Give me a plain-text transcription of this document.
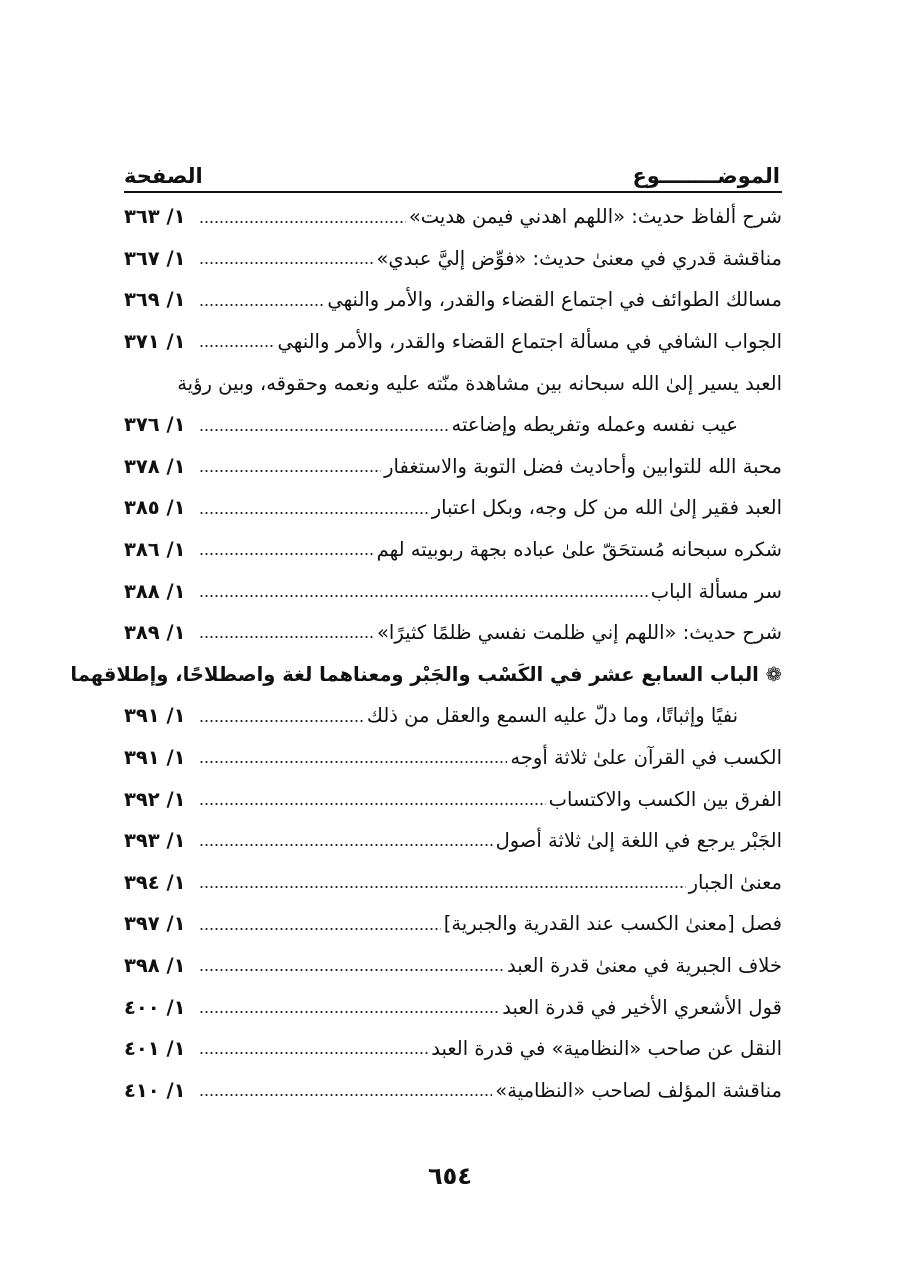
الموضــــــــوع
الصفحة
شرح ألفاظ حديث: «اللهم اهدني فيمن هديت»
١/ ٣٦٣
مناقشة قدري في معنىٰ حديث: «فوِّض إليَّ عبدي»
١/ ٣٦٧
مسالك الطوائف في اجتماع القضاء والقدر، والأمر والنهي
١/ ٣٦٩
الجواب الشافي في مسألة اجتماع القضاء والقدر، والأمر والنهي
١/ ٣٧١
العبد يسير إلىٰ الله سبحانه بين مشاهدة منّته عليه ونعمه وحقوقه، وبين رؤية
عيب نفسه وعمله وتفريطه وإضاعته
١/ ٣٧٦
محبة الله للتوابين وأحاديث فضل التوبة والاستغفار
١/ ٣٧٨
العبد فقير إلىٰ الله من كل وجه، وبكل اعتبار
١/ ٣٨٥
شكره سبحانه مُستحَقّ علىٰ عباده بجهة ربوبيته لهم
١/ ٣٨٦
سر مسألة الباب
١/ ٣٨٨
شرح حديث: «اللهم إني ظلمت نفسي ظلمًا كثيرًا»
١/ ٣٨٩
❁ الباب السابع عشر في الكَسْب والجَبْر ومعناهما لغة واصطلاحًا، وإطلاقهما
نفيًا وإثباتًا، وما دلّ عليه السمع والعقل من ذلك
١/ ٣٩١
الكسب في القرآن علىٰ ثلاثة أوجه
١/ ٣٩١
الفرق بين الكسب والاكتساب
١/ ٣٩٢
الجَبْر يرجع في اللغة إلىٰ ثلاثة أصول
١/ ٣٩٣
معنىٰ الجبار
١/ ٣٩٤
فصل [معنىٰ الكسب عند القدرية والجبرية]
١/ ٣٩٧
خلاف الجبرية في معنىٰ قدرة العبد
١/ ٣٩٨
قول الأشعري الأخير في قدرة العبد
١/ ٤٠٠
النقل عن صاحب «النظامية» في قدرة العبد
١/ ٤٠١
مناقشة المؤلف لصاحب «النظامية»
١/ ٤١٠
٦٥٤
